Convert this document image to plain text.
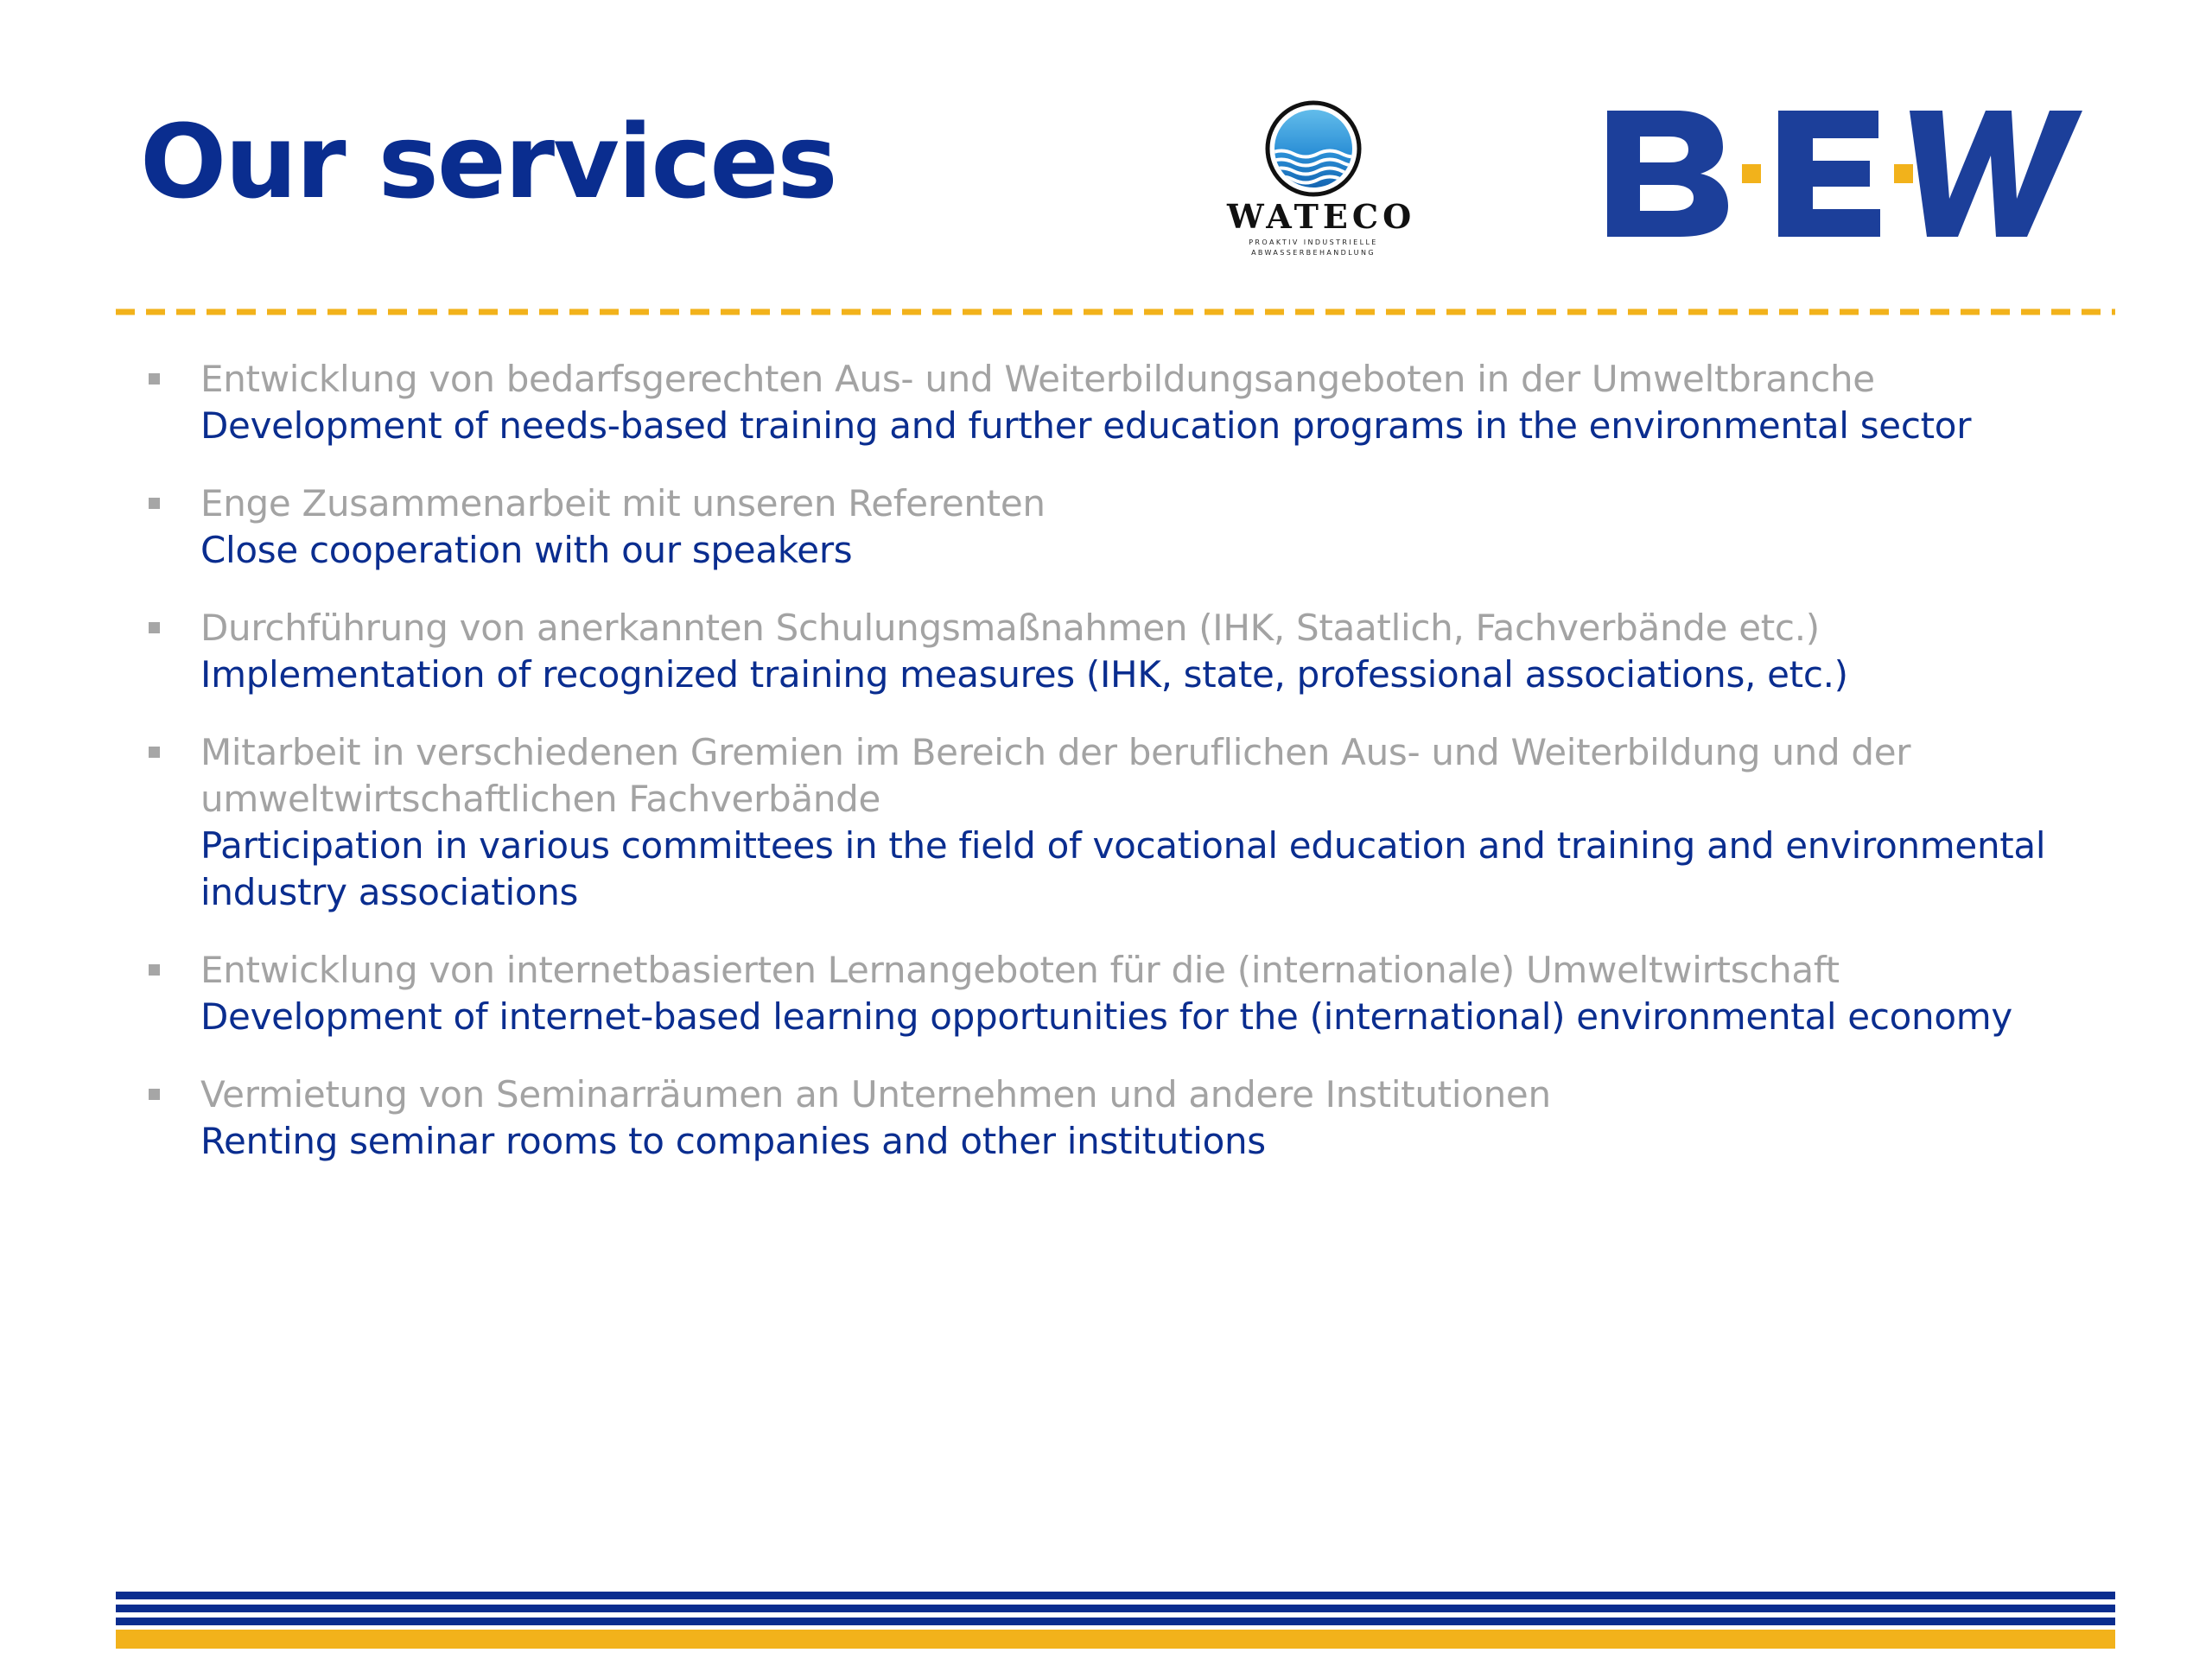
Our services	WATECO
PROAKTIV INDUSTRIELLE
ABWASSERBEHANDLUNG
Entwicklung von bedarfsgerechten Aus- und Weiterbildungsangeboten in der Umweltbranche
Development of needs-based training and further education programs in the environmental sector
Enge Zusammenarbeit mit unseren Referenten
Close cooperation with our speakers
Durchführung von anerkannten Schulungsmaßnahmen (IHK, Staatlich, Fachverbände etc.)
Implementation of recognized training measures (IHK, state, professional associations, etc.)
Mitarbeit in verschiedenen Gremien im Bereich der beruflichen Aus- und Weiterbildung und der umweltwirtschaftlichen Fachverbände
Participation in various committees in the field of vocational education and training and environmental industry associations
Entwicklung von internetbasierten Lernangeboten für die (internationale) Umweltwirtschaft
Development of internet-based learning opportunities for the (international) environmental economy
Vermietung von Seminarräumen an Unternehmen und andere Institutionen
Renting seminar rooms to companies and other institutions
